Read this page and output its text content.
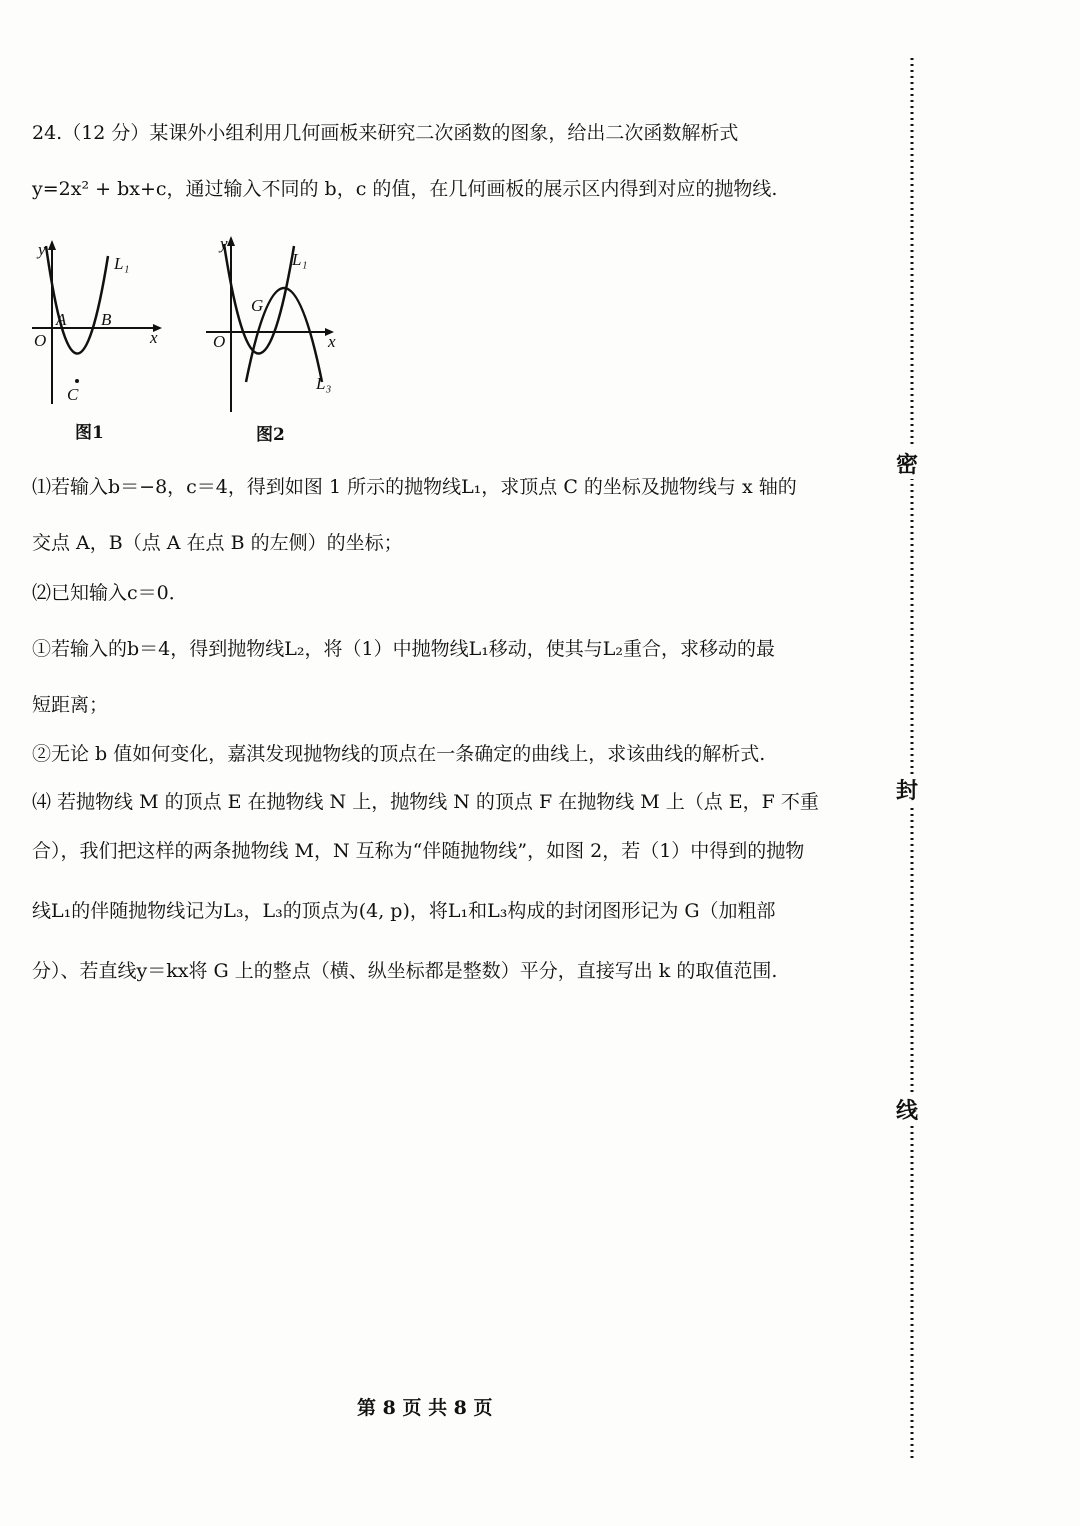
24.（12 分）某课外小组利用几何画板来研究二次函数的图象，给出二次函数解析式
y=2x² + bx+c，通过输入不同的 b，c 的值，在几何画板的展示区内得到对应的抛物线.
y
L₁
A B
O	x
C
图1
y
L₁
G
O	x
L₃
图2
⑴若输入b＝−8，c＝4，得到如图 1 所示的抛物线L₁，求顶点 C 的坐标及抛物线与 x 轴的
交点 A，B（点 A 在点 B 的左侧）的坐标；
⑵已知输入c＝0．
①若输入的b＝4，得到抛物线L₂，将（1）中抛物线L₁移动，使其与L₂重合，求移动的最
短距离；
②无论 b 值如何变化，嘉淇发现抛物线的顶点在一条确定的曲线上，求该曲线的解析式.
⑷ 若抛物线 M 的顶点 E 在抛物线 N 上，抛物线 N 的顶点 F 在抛物线 M 上（点 E，F 不重
合），我们把这样的两条抛物线 M，N 互称为“伴随抛物线”，如图 2，若（1）中得到的抛物
线L₁的伴随抛物线记为L₃，L₃的顶点为(4, p)，将L₁和L₃构成的封闭图形记为 G（加粗部
分）、若直线y＝kx将 G 上的整点（横、纵坐标都是整数）平分，直接写出 k 的取值范围.
密
封
线
第 8 页 共 8 页
